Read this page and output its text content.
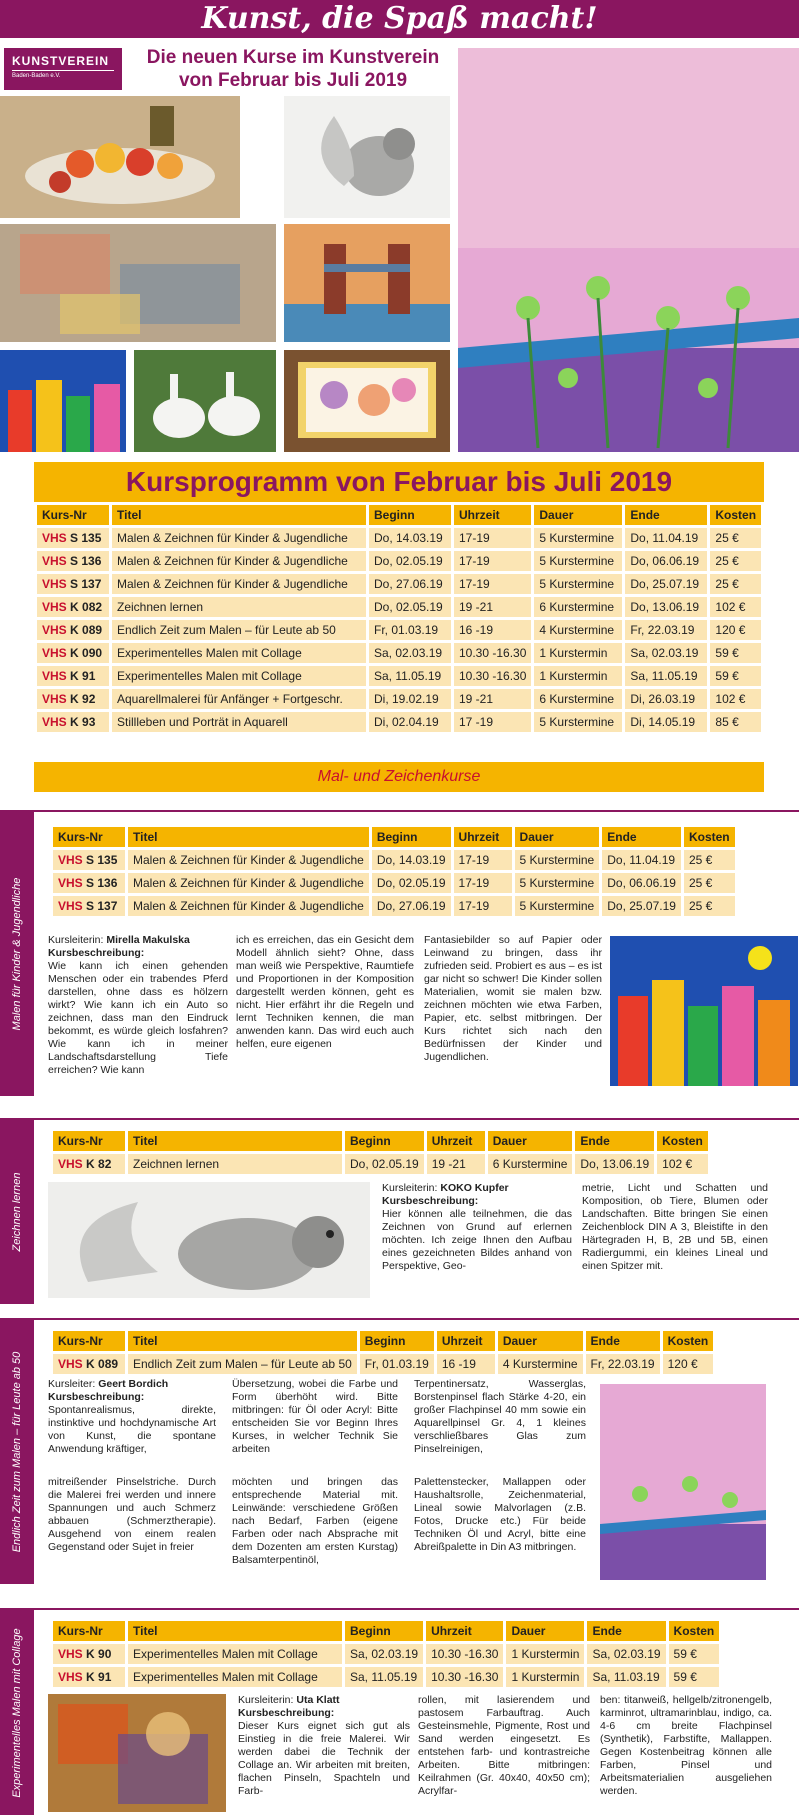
Kunst, die Spaß macht!
KUNSTVEREIN
Baden-Baden e.V.
Die neuen Kurse im Kunstverein von Februar bis Juli 2019
Kursprogramm von Februar bis Juli 2019
Kurs-Nr	Titel	Beginn	Uhrzeit	Dauer	Ende	Kosten
VHS S 135	Malen & Zeichnen für Kinder & Jugendliche	Do, 14.03.19	17-19	5 Kurstermine	Do, 11.04.19	25 €
VHS S 136	Malen & Zeichnen für Kinder & Jugendliche	Do, 02.05.19	17-19	5 Kurstermine	Do, 06.06.19	25 €
VHS S 137	Malen & Zeichnen für Kinder & Jugendliche	Do, 27.06.19	17-19	5 Kurstermine	Do, 25.07.19	25 €
VHS K 082	Zeichnen lernen	Do, 02.05.19	19 -21	6 Kurstermine	Do, 13.06.19	102 €
VHS K 089	Endlich Zeit zum Malen – für Leute ab 50	Fr, 01.03.19	16 -19	4 Kurstermine	Fr, 22.03.19	120 €
VHS K 090	Experimentelles Malen mit Collage	Sa, 02.03.19	10.30 -16.30	1 Kurstermin	Sa, 02.03.19	59 €
VHS K 91	Experimentelles Malen mit Collage	Sa, 11.05.19	10.30 -16.30	1 Kurstermin	Sa, 11.05.19	59 €
VHS K 92	Aquarellmalerei für Anfänger + Fortgeschr.	Di, 19.02.19	19 -21	6 Kurstermine	Di, 26.03.19	102 €
VHS K 93	Stillleben und Porträt in Aquarell	Di, 02.04.19	17 -19	5 Kurstermine	Di, 14.05.19	85 €
Mal- und Zeichenkurse
Malen für Kinder & Jugendliche
Kurs-Nr	Titel	Beginn	Uhrzeit	Dauer	Ende	Kosten
VHS S 135	Malen & Zeichnen für Kinder & Jugendliche	Do, 14.03.19	17-19	5 Kurstermine	Do, 11.04.19	25 €
VHS S 136	Malen & Zeichnen für Kinder & Jugendliche	Do, 02.05.19	17-19	5 Kurstermine	Do, 06.06.19	25 €
VHS S 137	Malen & Zeichnen für Kinder & Jugendliche	Do, 27.06.19	17-19	5 Kurstermine	Do, 25.07.19	25 €
Kursleiterin: Mirella Makulska
Kursbeschreibung:
Wie kann ich einen gehenden Menschen oder ein trabendes Pferd darstellen, ohne dass es hölzern wirkt? Wie kann ich ein Auto so zeichnen, dass man den Eindruck bekommt, es würde gleich losfahren? Wie kann ich in meiner Landschaftsdarstellung Tiefe erreichen? Wie kann
ich es erreichen, das ein Gesicht dem Modell ähnlich sieht? Ohne, dass man weiß wie Perspektive, Raumtiefe und Proportionen in der Komposition dargestellt werden können, geht es nicht. Hier erfährt ihr die Regeln und lernt Techniken kennen, die man anwenden kann. Das wird euch auch helfen, eure eigenen
Fantasiebilder so auf Papier oder Leinwand zu bringen, dass ihr zufrieden seid. Probiert es aus – es ist gar nicht so schwer! Die Kinder sollen Materialien, womit sie malen bzw. zeichnen möchten wie etwa Farben, Papier, etc. selbst mitbringen. Der Kurs richtet sich nach den Bedürfnissen der Kinder und Jugendlichen.
Zeichnen lernen
Kurs-Nr	Titel	Beginn	Uhrzeit	Dauer	Ende	Kosten
VHS K 82	Zeichnen lernen	Do, 02.05.19	19 -21	6 Kurstermine	Do, 13.06.19	102 €
Kursleiterin: KOKO Kupfer
Kursbeschreibung:
Hier können alle teilnehmen, die das Zeichnen von Grund auf erlernen möchten. Ich zeige Ihnen den Aufbau eines gezeichneten Bildes anhand von Perspektive, Geo-
metrie, Licht und Schatten und Komposition, ob Tiere, Blumen oder Landschaften. Bitte bringen Sie einen Zeichenblock DIN A 3, Bleistifte in den Härtegraden H, B, 2B und 5B, einen Radiergummi, ein kleines Lineal und einen Spitzer mit.
Endlich Zeit zum Malen – für Leute ab 50
Kurs-Nr	Titel	Beginn	Uhrzeit	Dauer	Ende	Kosten
VHS K 089	Endlich Zeit zum Malen – für Leute ab 50	Fr, 01.03.19	16 -19	4 Kurstermine	Fr, 22.03.19	120 €
Kursleiter: Geert Bordich
Kursbeschreibung:
Spontanrealismus, direkte, instinktive und hochdynamische Art von Kunst, die spontane Anwendung kräftiger,
mitreißender Pinselstriche. Durch die Malerei frei werden und innere Spannungen und auch Schmerz abbauen (Schmerztherapie). Ausgehend von einem realen Gegenstand oder Sujet in freier
Übersetzung, wobei die Farbe und Form überhöht wird. Bitte mitbringen: für Öl oder Acryl: Bitte entscheiden Sie vor Beginn Ihres Kurses, in welcher Technik Sie arbeiten
möchten und bringen das entsprechende Material mit. Leinwände: verschiedene Größen nach Bedarf, Farben (eigene Farben oder nach Absprache mit dem Dozenten am ersten Kurstag) Balsamterpentinöl,
Terpentinersatz, Wasserglas, Borstenpinsel flach Stärke 4-20, ein großer Flachpinsel 40 mm sowie ein Aquarellpinsel Gr. 4, 1 kleines verschließbares Glas zum Pinselreinigen,
Palettenstecker, Mallappen oder Haushaltsrolle, Zeichenmaterial, Lineal sowie Malvorlagen (z.B. Fotos, Drucke etc.) Für beide Techniken Öl und Acryl, bitte eine Abreißpalette in Din A3 mitbringen.
Experimentelles Malen mit Collage	Kurs-Nr	Titel	Beginn	Uhrzeit	Dauer	Ende	Kosten
VHS K 90	Experimentelles Malen mit Collage	Sa, 02.03.19	10.30 -16.30	1 Kurstermin	Sa, 02.03.19	59 €
VHS K 91	Experimentelles Malen mit Collage	Sa, 11.05.19	10.30 -16.30	1 Kurstermin	Sa, 11.03.19	59 €
Kursleiterin: Uta Klatt
Kursbeschreibung:
Dieser Kurs eignet sich gut als Einstieg in die freie Malerei. Wir werden dabei die Technik der Collage an. Wir arbeiten mit breiten, flachen Pinseln, Spachteln und Farb-
rollen, mit lasierendem und pastosem Farbauftrag. Auch Gesteinsmehle, Pigmente, Rost und Sand werden eingesetzt. Es entstehen farb- und kontrastreiche Arbeiten. Bitte mitbringen: Keilrahmen (Gr. 40x40, 40x50 cm); Acrylfar-
ben: titanweiß, hellgelb/zitronengelb, karminrot, ultramarinblau, indigo, ca. 4-6 cm breite Flachpinsel (Synthetik), Farbstifte, Mallappen. Gegen Kostenbeitrag können alle Farben, Pinsel und Arbeitsmaterialien ausgeliehen werden.
